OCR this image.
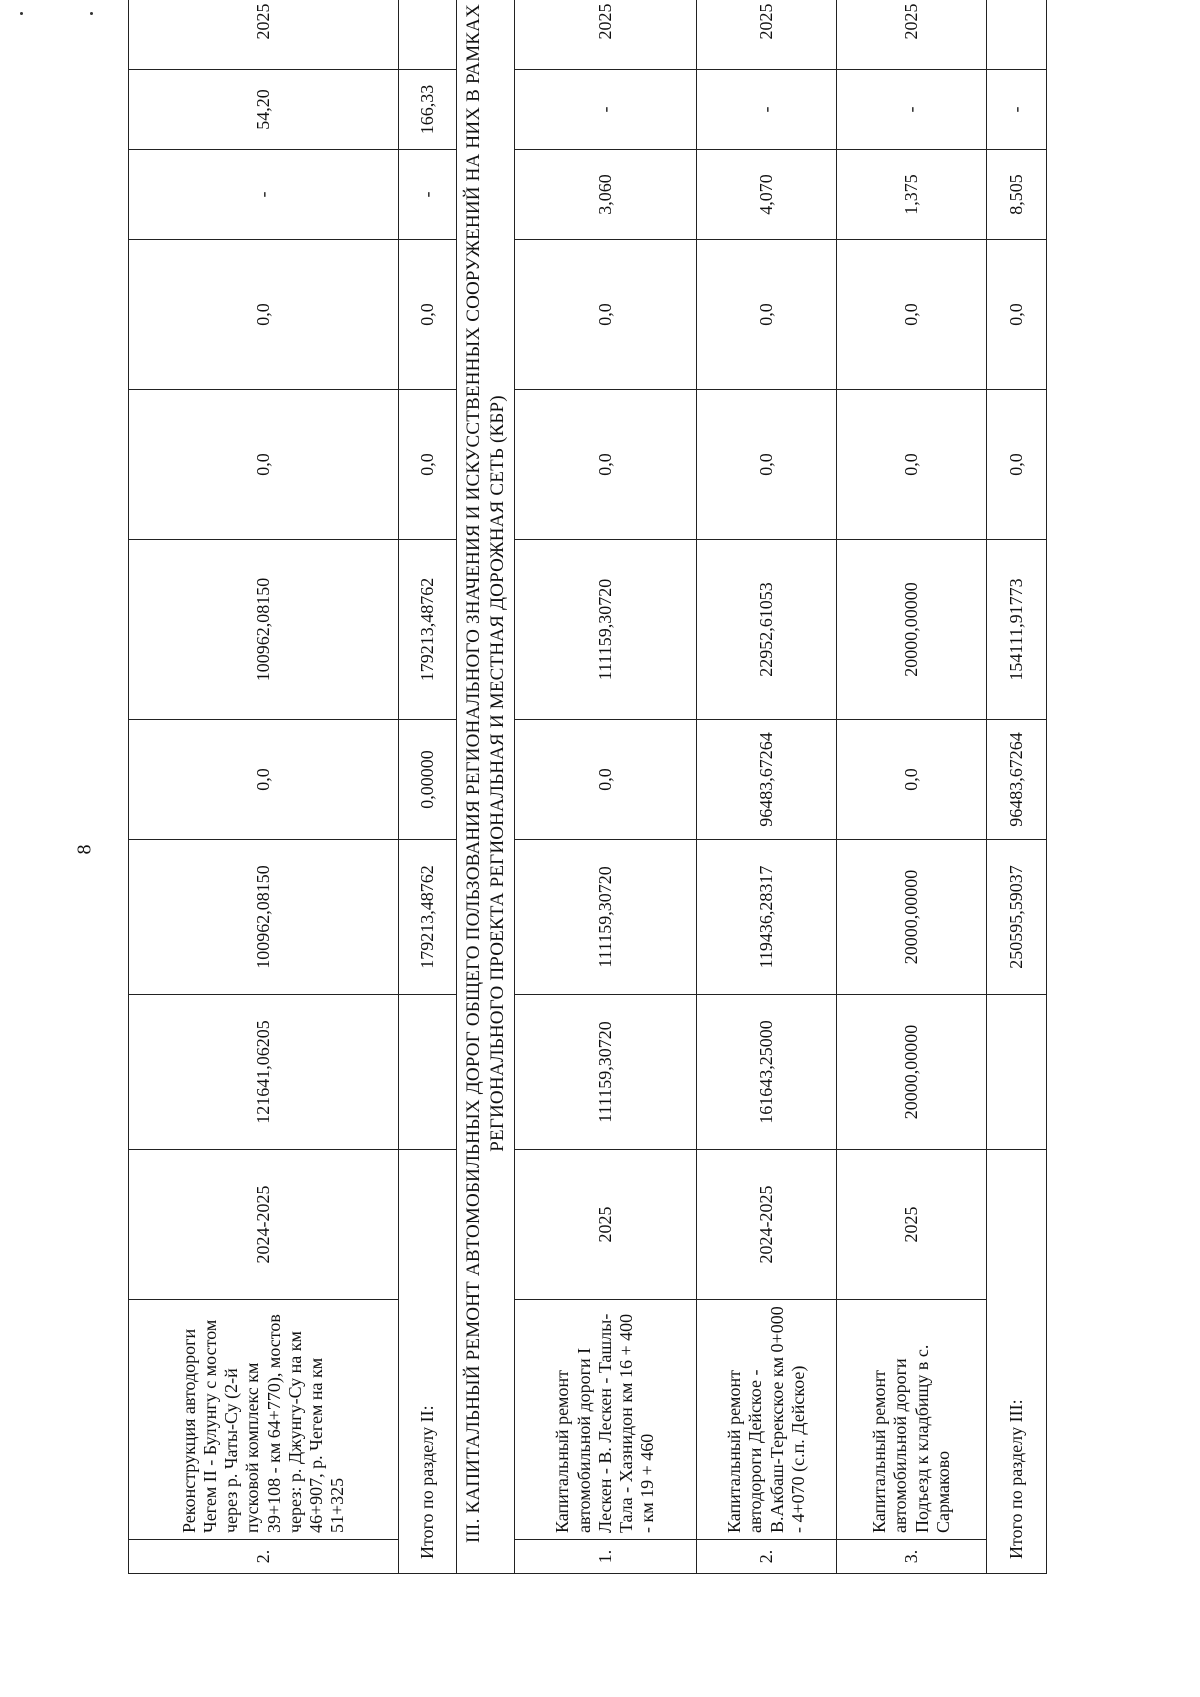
8
2.	Реконструкция автодороги Чегем II - Булунгу с мостом через р. Чаты-Су (2-й пусковой комплекс км 39+108 - км 64+770), мостов через: р. Джунгу-Су на км 46+907, р. Чегем на км 51+325	2024-2025	121641,06205	100962,08150	0,0	100962,08150	0,0	0,0	-	54,20	2025
Итого по разделу II:				179213,48762	0,00000	179213,48762	0,0	0,0	-	166,33	
III. КАПИТАЛЬНЫЙ РЕМОНТ АВТОМОБИЛЬНЫХ ДОРОГ ОБЩЕГО ПОЛЬЗОВАНИЯ РЕГИОНАЛЬНОГО ЗНАЧЕНИЯ И ИСКУССТВЕННЫХ СООРУЖЕНИЙ НА НИХ В РАМКАХ РЕГИОНАЛЬНОГО ПРОЕКТА РЕГИОНАЛЬНАЯ И МЕСТНАЯ ДОРОЖНАЯ СЕТЬ (КБР)											
1.	Капитальный ремонт автомобильной дороги I Лескен - В. Лескен - Ташлы-Тала - Хазнидон км 16 + 400 - км 19 + 460	2025	111159,30720	111159,30720	0,0	111159,30720	0,0	0,0	3,060	-	2025
2.	Капитальный ремонт автодороги Дейское - В.Акбаш-Терекское км 0+000 - 4+070 (с.п. Дейское)	2024-2025	161643,25000	119436,28317	96483,67264	22952,61053	0,0	0,0	4,070	-	2025
3.	Капитальный ремонт автомобильной дороги Подъезд к кладбищу в с. Сармаково	2025	20000,00000	20000,00000	0,0	20000,00000	0,0	0,0	1,375	-	2025
Итого по разделу III:				250595,59037	96483,67264	154111,91773	0,0	0,0	8,505	-	
